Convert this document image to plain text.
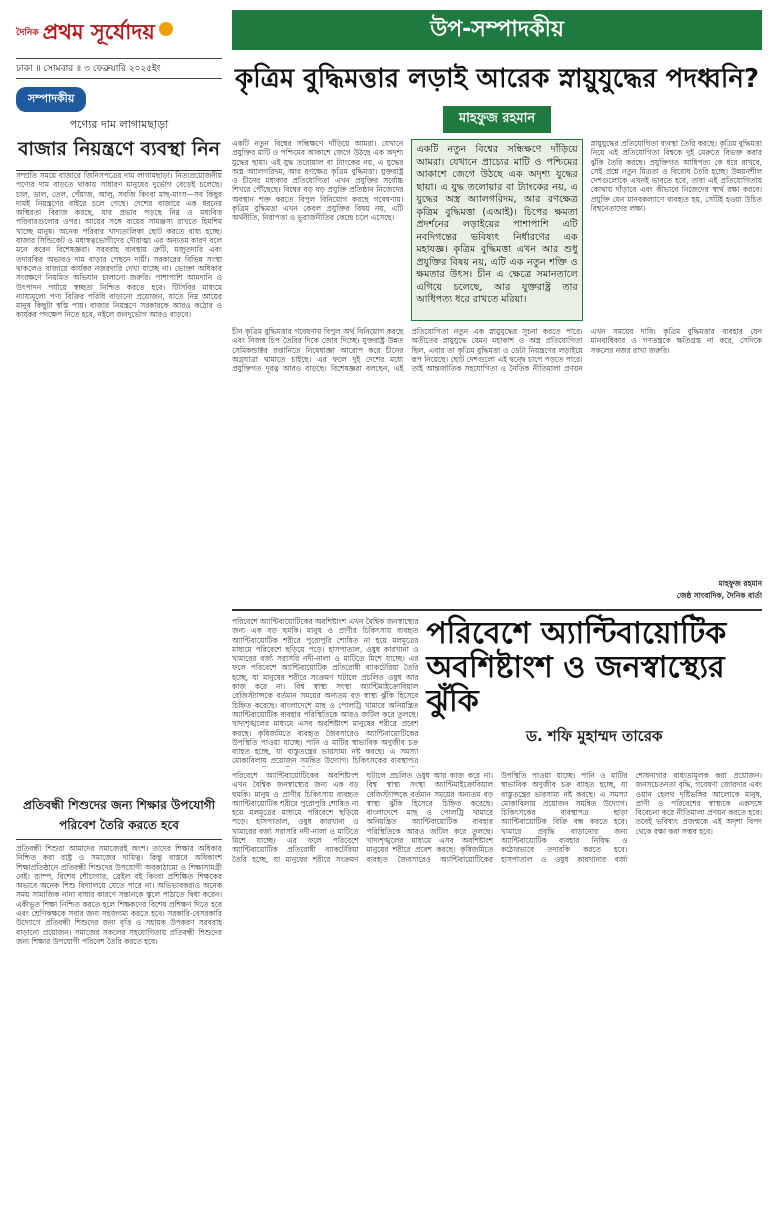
দৈনিক প্রথম সূর্যোদয়
ঢাকা ॥ সোমবার ॥ ৩ ফেব্রুয়ারি ২০২৫ইং
সম্পাদকীয়
পণ্যের দাম লাগামছাড়া
বাজার নিয়ন্ত্রণে ব্যবস্থা নিন
সম্প্রতি সময়ে বাজারে জিনিসপত্রের দাম লাগামছাড়া। নিত্যপ্রয়োজনীয় পণ্যের দাম বাড়তে থাকায় সাধারণ মানুষের দুর্ভোগ বেড়েই চলেছে। চাল, ডাল, তেল, পেঁয়াজ, আলু, সবজি কিংবা মাছ-মাংস—সব কিছুর দামই নিয়ন্ত্রণের বাইরে চলে গেছে। দেশের বাজারে এক ধরনের অস্থিরতা বিরাজ করছে, যার প্রভাব পড়ছে নিম্ন ও মধ্যবিত্ত পরিবারগুলোর ওপর। আয়ের সঙ্গে ব্যয়ের সামঞ্জস্য রাখতে হিমশিম খাচ্ছে মানুষ। অনেক পরিবার খাদ্যতালিকা ছোট করতে বাধ্য হচ্ছে। বাজার সিন্ডিকেট ও মধ্যস্বত্বভোগীদের দৌরাত্ম্য এর অন্যতম কারণ বলে মনে করেন বিশেষজ্ঞরা। সরবরাহ ব্যবস্থায় ত্রুটি, মজুতদারি এবং তদারকির অভাবও দাম বাড়ার পেছনে দায়ী। সরকারের বিভিন্ন সংস্থা থাকলেও বাজারে কার্যকর নজরদারি দেখা যাচ্ছে না। ভোক্তা অধিকার সংরক্ষণে নিয়মিত অভিযান চালানো জরুরি। পাশাপাশি আমদানি ও উৎপাদন পর্যায়ে স্বচ্ছতা নিশ্চিত করতে হবে। টিসিবির মাধ্যমে ন্যায্যমূল্যে পণ্য বিক্রির পরিধি বাড়ানো প্রয়োজন, যাতে নিম্ন আয়ের মানুষ কিছুটা স্বস্তি পায়। বাজার নিয়ন্ত্রণে সরকারকে আরও কঠোর ও কার্যকর পদক্ষেপ নিতে হবে, নইলে জনদুর্ভোগ আরও বাড়বে।
প্রতিবন্ধী শিশুদের জন্য শিক্ষার উপযোগী
পরিবেশ তৈরি করতে হবে
প্রতিবন্ধী শিশুরা আমাদের সমাজেরই অংশ। তাদের শিক্ষার অধিকার নিশ্চিত করা রাষ্ট্র ও সমাজের দায়িত্ব। কিন্তু বাস্তবে অধিকাংশ শিক্ষাপ্রতিষ্ঠানে প্রতিবন্ধী শিশুদের উপযোগী অবকাঠামো ও শিক্ষাসামগ্রী নেই। র‍্যাম্প, বিশেষ শৌচাগার, ব্রেইল বই কিংবা প্রশিক্ষিত শিক্ষকের অভাবে অনেক শিশু বিদ্যালয়ে যেতে পারে না। অভিভাবকরাও অনেক সময় সামাজিক নানা বাধার কারণে সন্তানকে স্কুলে পাঠাতে দ্বিধা করেন। একীভূত শিক্ষা নিশ্চিত করতে হলে শিক্ষকদের বিশেষ প্রশিক্ষণ দিতে হবে এবং শ্রেণিকক্ষকে সবার জন্য সহজগম্য করতে হবে। সরকারি-বেসরকারি উদ্যোগে প্রতিবন্ধী শিশুদের জন্য বৃত্তি ও সহায়ক উপকরণ সরবরাহ বাড়ানো প্রয়োজন। সমাজের সকলের সহযোগিতায় প্রতিবন্ধী শিশুদের জন্য শিক্ষার উপযোগী পরিবেশ তৈরি করতে হবে।
উপ-সম্পাদকীয়
কৃত্রিম বুদ্ধিমত্তার লড়াই আরেক স্নায়ুযুদ্ধের পদধ্বনি?
মাহফুজ রহমান
একটি নতুন বিশ্বের সন্ধিক্ষণে দাঁড়িয়ে আমরা। যেখানে প্রযুক্তির মাটি ও পশ্চিমের আকাশে জেগে উঠছে এক অদৃশ্য যুদ্ধের ছায়া। এই যুদ্ধ তরোয়াল বা ট্যাংকের নয়, এ যুদ্ধের অস্ত্র অ্যালগরিদম, আর রণক্ষেত্র কৃত্রিম বুদ্ধিমত্তা। যুক্তরাষ্ট্র ও চীনের মধ্যকার প্রতিযোগিতা এখন প্রযুক্তির সর্বোচ্চ শিখরে পৌঁছেছে। বিশ্বের বড় বড় প্রযুক্তি প্রতিষ্ঠান নিজেদের অবস্থান শক্ত করতে বিপুল বিনিয়োগ করছে গবেষণায়। কৃত্রিম বুদ্ধিমত্তা এখন কেবল প্রযুক্তির বিষয় নয়, এটি অর্থনীতি, নিরাপত্তা ও ভূরাজনীতির কেন্দ্রে চলে এসেছে।
একটি নতুন বিশ্বের সন্ধিক্ষণে দাঁড়িয়ে আমরা। যেখানে প্রাচ্যের মাটি ও পশ্চিমের আকাশে জেগে উঠছে এক অদৃশ্য যুদ্ধের ছায়া। এ যুদ্ধ তলোয়ার বা ট্যাংকের নয়, এ যুদ্ধের অস্ত্র অ্যালগরিদম, আর রণক্ষেত্র কৃত্রিম বুদ্ধিমত্তা (এআই)। চিপের ক্ষমতা প্রদর্শনের লড়াইয়ের পাশাপাশি এটি নবদিগন্তের ভবিষ্যৎ নির্ধারণের এক মহাযজ্ঞ। কৃত্রিম বুদ্ধিমত্তা এখন আর শুধু প্রযুক্তির বিষয় নয়, এটি এক নতুন শক্তি ও ক্ষমতার উৎস। চীন এ ক্ষেত্রে সমানতালে এগিয়ে চলেছে, আর যুক্তরাষ্ট্র তার আধিপত্য ধরে রাখতে মরিয়া।
স্নায়ুযুদ্ধের প্রতিযোগিতা ব্যবস্থা তৈরি করছে। কৃত্রিম বুদ্ধিমত্তা নিয়ে এই প্রতিযোগিতা বিশ্বকে দুই মেরুতে বিভক্ত করার ঝুঁকি তৈরি করছে। প্রযুক্তিগত আধিপত্য কে ধরে রাখবে, সেই প্রশ্নে নতুন মিত্রতা ও বিরোধ তৈরি হচ্ছে। উন্নয়নশীল দেশগুলোকে এখনই ভাবতে হবে, তারা এই প্রতিযোগিতায় কোথায় দাঁড়াবে এবং কীভাবে নিজেদের স্বার্থ রক্ষা করবে। প্রযুক্তি যেন মানবকল্যাণে ব্যবহৃত হয়, সেটিই হওয়া উচিত বিশ্বনেতাদের লক্ষ্য।
চীন কৃত্রিম বুদ্ধিমত্তার গবেষণায় বিপুল অর্থ বিনিয়োগ করছে এবং নিজস্ব চিপ তৈরির দিকে জোর দিচ্ছে। যুক্তরাষ্ট্র উন্নত সেমিকন্ডাক্টর রপ্তানিতে নিষেধাজ্ঞা আরোপ করে চীনের অগ্রযাত্রা থামাতে চাইছে। এর ফলে দুই দেশের মধ্যে প্রযুক্তিগত দূরত্ব আরও বাড়ছে। বিশেষজ্ঞরা বলছেন, এই প্রতিযোগিতা নতুন এক স্নায়ুযুদ্ধের সূচনা করতে পারে। অতীতের স্নায়ুযুদ্ধে যেমন মহাকাশ ও অস্ত্র প্রতিযোগিতা ছিল, এবার তা কৃত্রিম বুদ্ধিমত্তা ও ডেটা নিয়ন্ত্রণের লড়াইয়ে রূপ নিয়েছে। ছোট দেশগুলো এই দ্বন্দ্বে চাপে পড়তে পারে। তাই আন্তর্জাতিক সহযোগিতা ও নৈতিক নীতিমালা প্রণয়ন এখন সময়ের দাবি। কৃত্রিম বুদ্ধিমত্তার ব্যবহার যেন মানবাধিকার ও গণতন্ত্রকে ক্ষতিগ্রস্ত না করে, সেদিকে সকলের নজর রাখা জরুরি।
মাহফুজ রহমান
জেষ্ঠ সাংবাদিক, দৈনিক বার্তা
পরিবেশে অ্যান্টিবায়োটিকের অবশিষ্টাংশ এখন বৈশ্বিক জনস্বাস্থ্যের জন্য এক বড় হুমকি। মানুষ ও প্রাণীর চিকিৎসায় ব্যবহৃত অ্যান্টিবায়োটিক শরীরে পুরোপুরি শোষিত না হয়ে মলমূত্রের মাধ্যমে পরিবেশে ছড়িয়ে পড়ে। হাসপাতাল, ওষুধ কারখানা ও খামারের বর্জ্য সরাসরি নদী-নালা ও মাটিতে মিশে যাচ্ছে। এর ফলে পরিবেশে অ্যান্টিবায়োটিক প্রতিরোধী ব্যাকটেরিয়া তৈরি হচ্ছে, যা মানুষের শরীরে সংক্রমণ ঘটালে প্রচলিত ওষুধ আর কাজ করে না। বিশ্ব স্বাস্থ্য সংস্থা অ্যান্টিমাইক্রোবিয়াল রেজিস্ট্যান্সকে বর্তমান সময়ের অন্যতম বড় স্বাস্থ্য ঝুঁকি হিসেবে চিহ্নিত করেছে। বাংলাদেশে মাছ ও পোলট্রি খামারে অনিয়ন্ত্রিত অ্যান্টিবায়োটিক ব্যবহার পরিস্থিতিকে আরও জটিল করে তুলছে। খাদ্যশৃঙ্খলের মাধ্যমে এসব অবশিষ্টাংশ মানুষের শরীরে প্রবেশ করছে। কৃষিজমিতে ব্যবহৃত জৈবসারেও অ্যান্টিবায়োটিকের উপস্থিতি পাওয়া যাচ্ছে। পানি ও মাটির স্বাভাবিক অণুজীব চক্র ব্যাহত হচ্ছে, যা বাস্তুতন্ত্রের ভারসাম্য নষ্ট করছে। এ সমস্যা মোকাবিলায় প্রয়োজন সমন্বিত উদ্যোগ। চিকিৎসকের ব্যবস্থাপত্র
পরিবেশে অ্যান্টিবায়োটিক
অবশিষ্টাংশ ও জনস্বাস্থ্যের ঝুঁকি
ড. শফি মুহাম্মদ তারেক
পরিবেশে অ্যান্টিবায়োটিকের অবশিষ্টাংশ এখন বৈশ্বিক জনস্বাস্থ্যের জন্য এক বড় হুমকি। মানুষ ও প্রাণীর চিকিৎসায় ব্যবহৃত অ্যান্টিবায়োটিক শরীরে পুরোপুরি শোষিত না হয়ে মলমূত্রের মাধ্যমে পরিবেশে ছড়িয়ে পড়ে। হাসপাতাল, ওষুধ কারখানা ও খামারের বর্জ্য সরাসরি নদী-নালা ও মাটিতে মিশে যাচ্ছে। এর ফলে পরিবেশে অ্যান্টিবায়োটিক প্রতিরোধী ব্যাকটেরিয়া তৈরি হচ্ছে, যা মানুষের শরীরে সংক্রমণ ঘটালে প্রচলিত ওষুধ আর কাজ করে না। বিশ্ব স্বাস্থ্য সংস্থা অ্যান্টিমাইক্রোবিয়াল রেজিস্ট্যান্সকে বর্তমান সময়ের অন্যতম বড় স্বাস্থ্য ঝুঁকি হিসেবে চিহ্নিত করেছে। বাংলাদেশে মাছ ও পোলট্রি খামারে অনিয়ন্ত্রিত অ্যান্টিবায়োটিক ব্যবহার পরিস্থিতিকে আরও জটিল করে তুলছে। খাদ্যশৃঙ্খলের মাধ্যমে এসব অবশিষ্টাংশ মানুষের শরীরে প্রবেশ করছে। কৃষিজমিতে ব্যবহৃত জৈবসারেও অ্যান্টিবায়োটিকের উপস্থিতি পাওয়া যাচ্ছে। পানি ও মাটির স্বাভাবিক অণুজীব চক্র ব্যাহত হচ্ছে, যা বাস্তুতন্ত্রের ভারসাম্য নষ্ট করছে। এ সমস্যা মোকাবিলায় প্রয়োজন সমন্বিত উদ্যোগ। চিকিৎসকের ব্যবস্থাপত্র ছাড়া অ্যান্টিবায়োটিক বিক্রি বন্ধ করতে হবে। খামারে প্রবৃদ্ধি বাড়ানোর জন্য অ্যান্টিবায়োটিক ব্যবহার নিষিদ্ধ ও কঠোরভাবে তদারকি করতে হবে। হাসপাতাল ও ওষুধ কারখানার বর্জ্য শোধনাগার বাধ্যতামূলক করা প্রয়োজন। জনসচেতনতা বৃদ্ধি, গবেষণা জোরদার এবং ওয়ান হেলথ দৃষ্টিভঙ্গির আলোকে মানুষ, প্রাণী ও পরিবেশের স্বাস্থ্যকে একসঙ্গে বিবেচনা করে নীতিমালা প্রণয়ন করতে হবে। তবেই ভবিষ্যৎ প্রজন্মকে এই অদৃশ্য বিপদ থেকে রক্ষা করা সম্ভব হবে।
